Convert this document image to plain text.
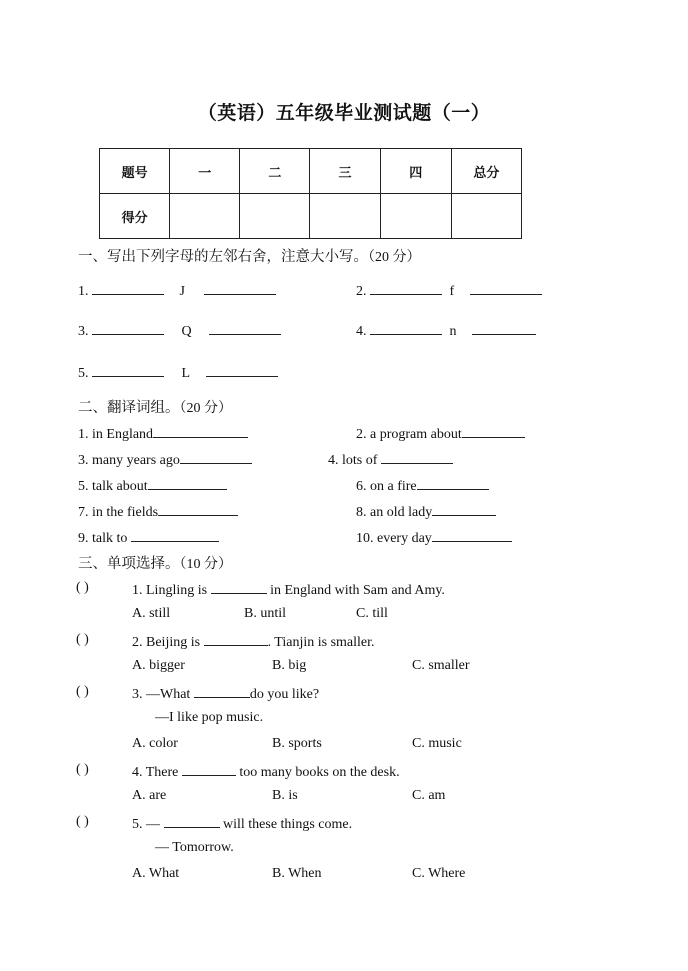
（英语）五年级毕业测试题（一）
题号	一	二	三	四	总分
得分					
一、写出下列字母的左邻右舍，注意大小写。（20 分）
1.	J	2.	f
3.	Q	4.	n
5.	L
二、翻译词组。（20 分）
1. in England	2. a program about
3. many years ago	4. lots of
5. talk about	6. on a fire
7. in the fields	8. an old lady
9. talk to	10. every day
三、单项选择。（10 分）
( )	1. Lingling is	in England with Sam and Amy.
A. still	B. until	C. till
( )	2. Beijing is	. Tianjin is smaller.
A. bigger	B. big	C. smaller
( )	3. —What	do you like?
—I like pop music.
A. color	B. sports	C. music
( )	4. There	too many books on the desk.
A. are	B. is	C. am
( )	5. —	will these things come.
— Tomorrow.
A. What	B. When	C. Where
